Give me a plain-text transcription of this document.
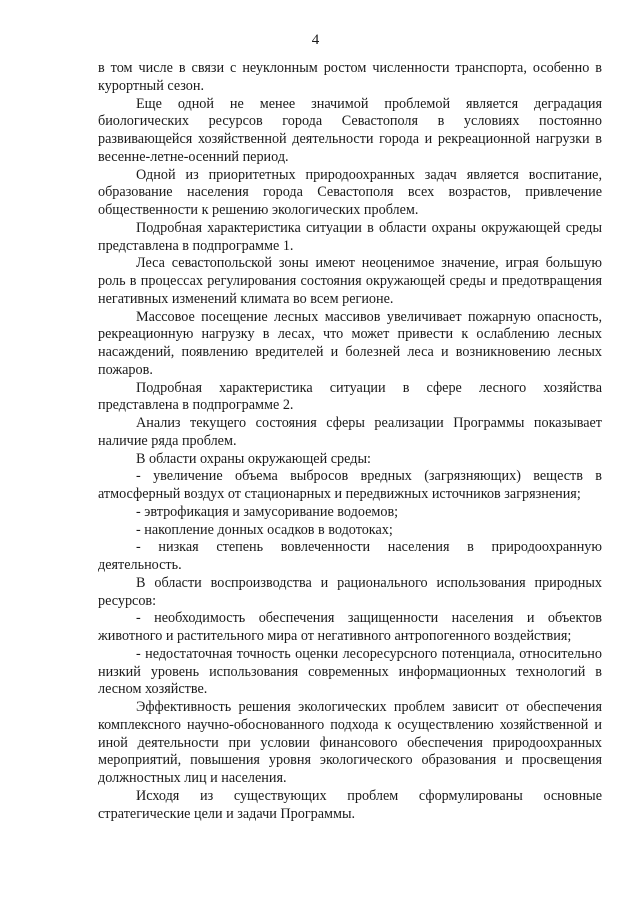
4

в том числе в связи с неуклонным ростом численности транспорта, особенно в курортный сезон.

Еще одной не менее значимой проблемой является деградация биологических ресурсов города Севастополя в условиях постоянно развивающейся хозяйственной деятельности города и рекреационной нагрузки в весенне-летне-осенний период.

Одной из приоритетных природоохранных задач является воспитание, образование населения города Севастополя всех возрастов, привлечение общественности к решению экологических проблем.

Подробная характеристика ситуации в области охраны окружающей среды представлена в подпрограмме 1.

Леса севастопольской зоны имеют неоценимое значение, играя большую роль в процессах регулирования состояния окружающей среды и предотвращения негативных изменений климата во всем регионе.

Массовое посещение лесных массивов увеличивает пожарную опасность, рекреационную нагрузку в лесах, что может привести к ослаблению лесных насаждений, появлению вредителей и болезней леса и возникновению лесных пожаров.

Подробная характеристика ситуации в сфере лесного хозяйства представлена в подпрограмме 2.

Анализ текущего состояния сферы реализации Программы показывает наличие ряда проблем.

В области охраны окружающей среды:

- увеличение объема выбросов вредных (загрязняющих) веществ в атмосферный воздух от стационарных и передвижных источников загрязнения;

- эвтрофикация и замусоривание водоемов;

- накопление донных осадков в водотоках;

- низкая степень вовлеченности населения в природоохранную деятельность.

В области воспроизводства и рационального использования природных ресурсов:

- необходимость обеспечения защищенности населения и объектов животного и растительного мира от негативного антропогенного воздействия;

- недостаточная точность оценки лесоресурсного потенциала, относительно низкий уровень использования современных информационных технологий в лесном хозяйстве.

Эффективность решения экологических проблем зависит от обеспечения комплексного научно-обоснованного подхода к осуществлению хозяйственной и иной деятельности при условии финансового обеспечения природоохранных мероприятий, повышения уровня экологического образования и просвещения должностных лиц и населения.

Исходя из существующих проблем сформулированы основные стратегические цели и задачи Программы.
